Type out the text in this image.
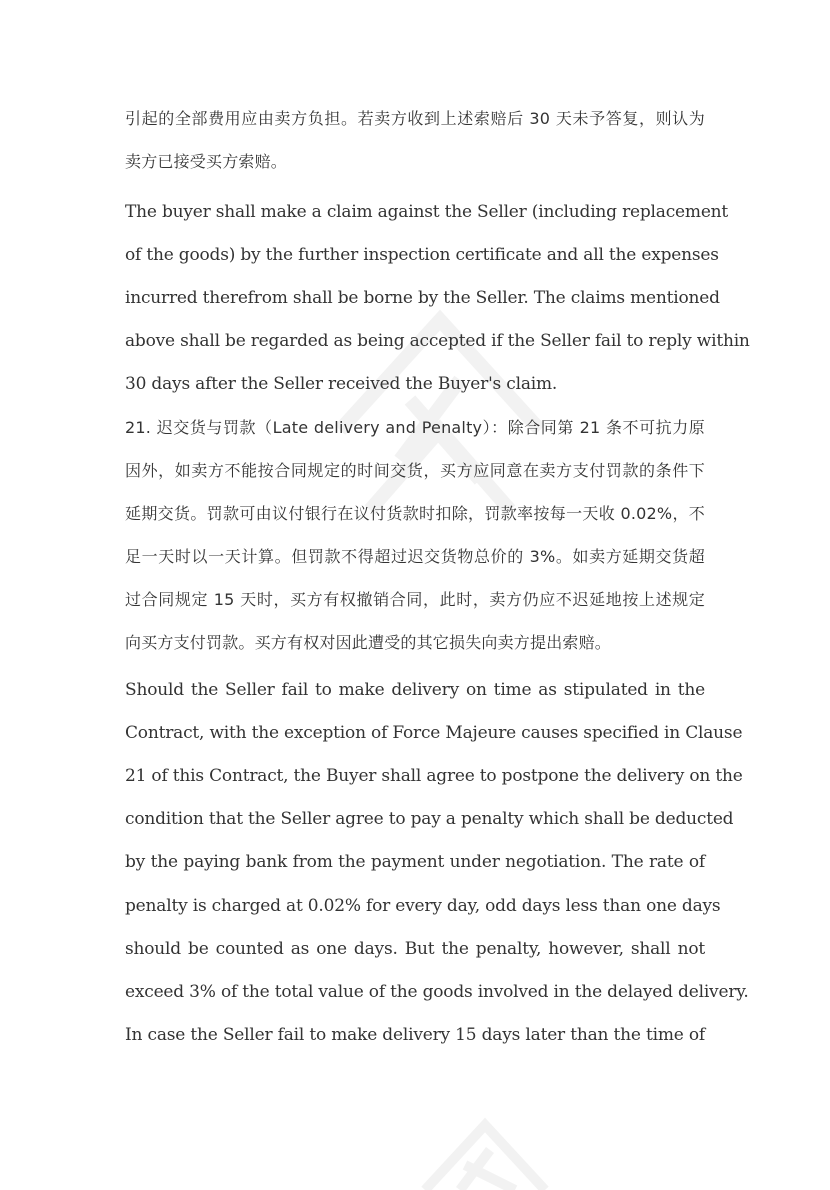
引起的全部费用应由卖方负担。若卖方收到上述索赔后 30 天未予答复，则认为
卖方已接受买方索赔。
The buyer shall make a claim against the Seller (including replacement
of the goods) by the further inspection certificate and all the expenses
incurred therefrom shall be borne by the Seller. The claims mentioned
above shall be regarded as being accepted if the Seller fail to reply within
30 days after the Seller received the Buyer's claim.
21. 迟交货与罚款（Late delivery and Penalty）：除合同第 21 条不可抗力原
因外，如卖方不能按合同规定的时间交货，买方应同意在卖方支付罚款的条件下
延期交货。罚款可由议付银行在议付货款时扣除，罚款率按每一天收 0.02%，不
足一天时以一天计算。但罚款不得超过迟交货物总价的 3%。如卖方延期交货超
过合同规定 15 天时，买方有权撤销合同，此时，卖方仍应不迟延地按上述规定
向买方支付罚款。买方有权对因此遭受的其它损失向卖方提出索赔。
Should the Seller fail to make delivery on time as stipulated in the
Contract, with the exception of Force Majeure causes specified in Clause
21 of this Contract, the Buyer shall agree to postpone the delivery on the
condition that the Seller agree to pay a penalty which shall be deducted
by the paying bank from the payment under negotiation. The rate of
penalty is charged at 0.02% for every day, odd days less than one days
should be counted as one days. But the penalty, however, shall not
exceed 3% of the total value of the goods involved in the delayed delivery.
In case the Seller fail to make delivery 15 days later than the time of
